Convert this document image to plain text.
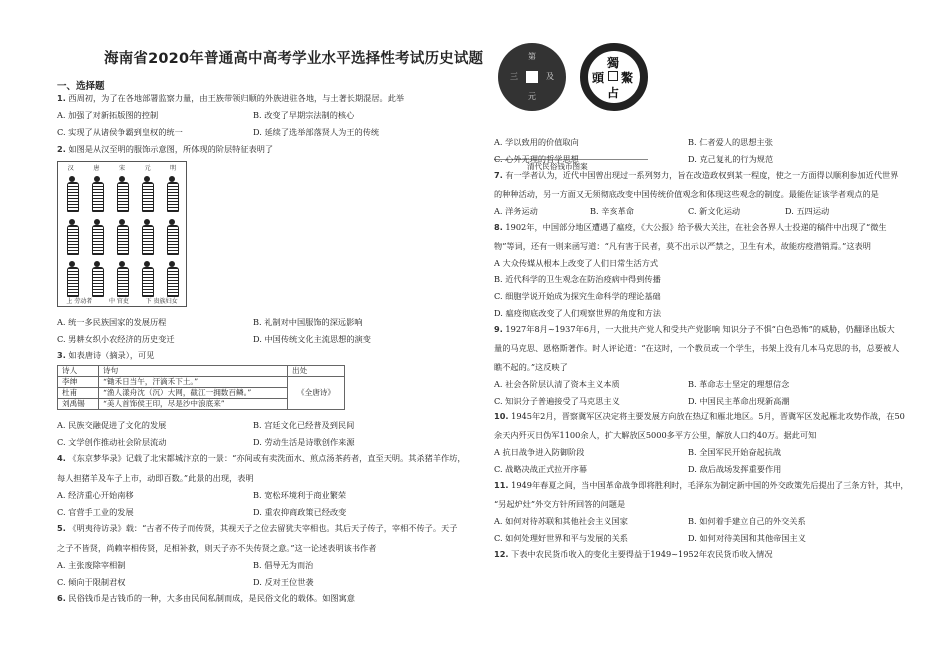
海南省2020年普通高中高考学业水平选择性考试历史试题
一、选择题
1. 西周初，为了在各地部署监察力量，由王族带领归顺的外族进驻各地，与土著长期混居。此举
A. 加强了对新拓版图的控制	B. 改变了早期宗法制的核心
C. 实现了从诸侯争霸到皇权的统一	D. 延续了选举部落贤人为王的传统
2. 如图是从汉至明的服饰示意图，所体现的阶层特征表明了
汉	唐	宋	元	明
上 劳动者	中 官吏	下 贵族妇女
A. 统一多民族国家的发展历程	B. 礼制对中国服饰的深远影响
C. 男耕女织小农经济的历史变迁	D. 中国传统文化主流思想的演变
3. 如表唐诗（摘录），可见
诗人	诗句	出处
李绅	“锄禾日当午，汗滴禾下土。”	《全唐诗》
杜甫	“渔人漾舟沈（沉）大网，截江一拥数百鳞。”	
刘禹锡	“美人首饰侯王印，尽是沙中浪底来”	
A. 民族交融促进了文化的发展	B. 宫廷文化已经普及到民间
C. 文学创作推动社会阶层流动	D. 劳动生活是诗歌创作来源
4. 《东京梦华录》记载了北宋都城汴京的一景：“亦间或有卖洗面水、煎点汤茶药者，直至天明。其杀猪羊作坊，
每人担猪羊及车子上市，动即百数。”此景的出现，表明
A. 经济重心开始南移	B. 宽松环境利于商业繁荣
C. 官营手工业的发展	D. 重农抑商政策已经改变
5. 《明夷待访录》载：“古者不传子而传贤，其视天子之位去留犹夫宰相也。其后天子传子，宰相不传子。天子
之子不皆贤，尚赖宰相传贤，足相补救，则天子亦不失传贤之意。”这一论述表明该书作者
A. 主张废除宰相制	B. 倡导无为而治
C. 倾向于限制君权	D. 反对王位世袭
6. 民俗钱币是古钱币的一种，大多由民间私制而成，是民俗文化的载体。如图寓意
第
元
三	及
獨
占
頭 鰲
清代民俗钱币图案
A. 学以致用的价值取向	B. 仁者爱人的思想主张
C. 心外无理的哲学思想	D. 克己复礼的行为规范
7. 有一学者认为，近代中国曾出现过一系列努力，旨在改造政权到某一程度，使之一方面得以顺利参加近代世界
的种种活动，另一方面又无须彻底改变中国传统价值观念和体现这些观念的制度。最能佐证该学者观点的是
A. 洋务运动	B. 辛亥革命	C. 新文化运动	D. 五四运动
8. 1902年，中国部分地区遭遇了瘟疫，《大公报》给予极大关注，在社会各界人士投递的稿件中出现了“微生
物”等词，还有一则来函写道：“凡有害于民者，莫不出示以严禁之，卫生有术，故能疠疫潜销焉。”这表明
A 大众传媒从根本上改变了人们日常生活方式
B. 近代科学的卫生观念在防治疫病中得到传播
C. 细胞学说开始成为探究生命科学的理论基础
D. 瘟疫彻底改变了人们观察世界的角度和方法
9. 1927年8月~1937年6月，一大批共产党人和受共产党影响 知识分子不惧“白色恐怖”的威胁，仍翻译出版大
量的马克思、恩格斯著作。时人评论道：“在这时，一个教员或一个学生，书架上没有几本马克思的书，总要被人
瞧不起的。”这反映了
A. 社会各阶层认清了资本主义本质	B. 革命志士坚定的理想信念
C. 知识分子普遍接受了马克思主义	D. 中国民主革命出现新高潮
10. 1945年2月，晋察冀军区决定将主要发展方向放在热辽和雁北地区。5月，晋冀军区发起雁北攻势作战，在50
余天内歼灭日伪军1100余人，扩大解放区5000多平方公里，解放人口约40万。据此可知
A 抗日战争进入防御阶段	B. 全国军民开始奋起抗战
C. 战略决战正式拉开序幕	D. 敌后战场发挥重要作用
11. 1949年春夏之间，当中国革命战争即将胜利时，毛泽东为制定新中国的外交政策先后提出了三条方针，其中，
“另起炉灶”外交方针所回答的问题是
A. 如何对待苏联和其他社会主义国家	B. 如何着手建立自己的外交关系
C. 如何处理好世界和平与发展的关系	D. 如何对待美国和其他帝国主义
12. 下表中农民货币收入的变化主要得益于1949~1952年农民货币收入情况
